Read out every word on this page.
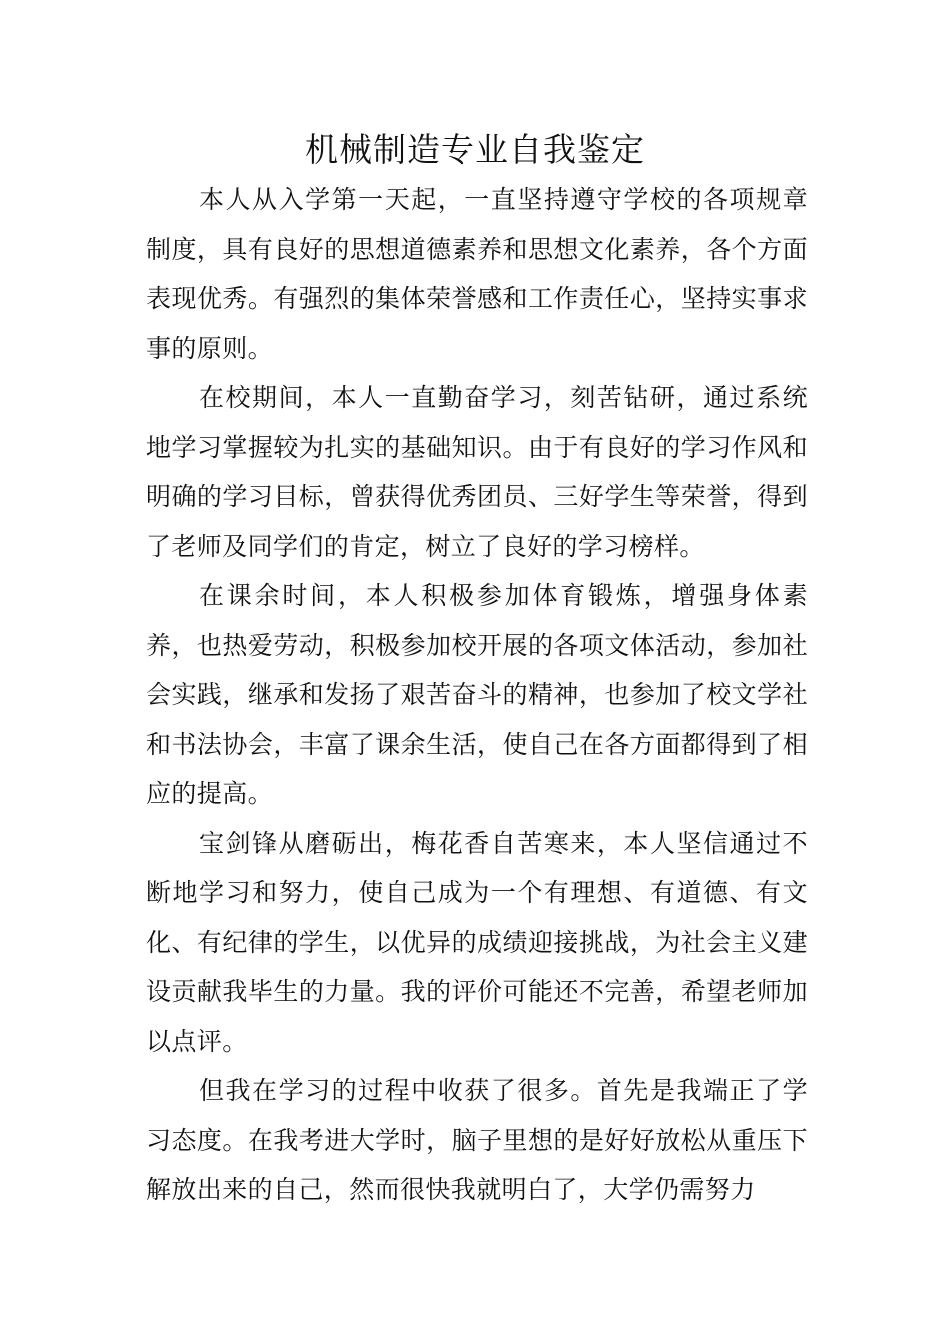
机械制造专业自我鉴定

本人从入学第一天起，一直坚持遵守学校的各项规章制度，具有良好的思想道德素养和思想文化素养，各个方面表现优秀。有强烈的集体荣誉感和工作责任心，坚持实事求事的原则。

在校期间，本人一直勤奋学习，刻苦钻研，通过系统地学习掌握较为扎实的基础知识。由于有良好的学习作风和明确的学习目标，曾获得优秀团员、三好学生等荣誉，得到了老师及同学们的肯定，树立了良好的学习榜样。

在课余时间，本人积极参加体育锻炼，增强身体素养，也热爱劳动，积极参加校开展的各项文体活动，参加社会实践，继承和发扬了艰苦奋斗的精神，也参加了校文学社和书法协会，丰富了课余生活，使自己在各方面都得到了相应的提高。

宝剑锋从磨砺出，梅花香自苦寒来，本人坚信通过不断地学习和努力，使自己成为一个有理想、有道德、有文化、有纪律的学生，以优异的成绩迎接挑战，为社会主义建设贡献我毕生的力量。我的评价可能还不完善，希望老师加以点评。

但我在学习的过程中收获了很多。首先是我端正了学习态度。在我考进大学时，脑子里想的是好好放松从重压下解放出来的自己，然而很快我就明白了，大学仍需努力
